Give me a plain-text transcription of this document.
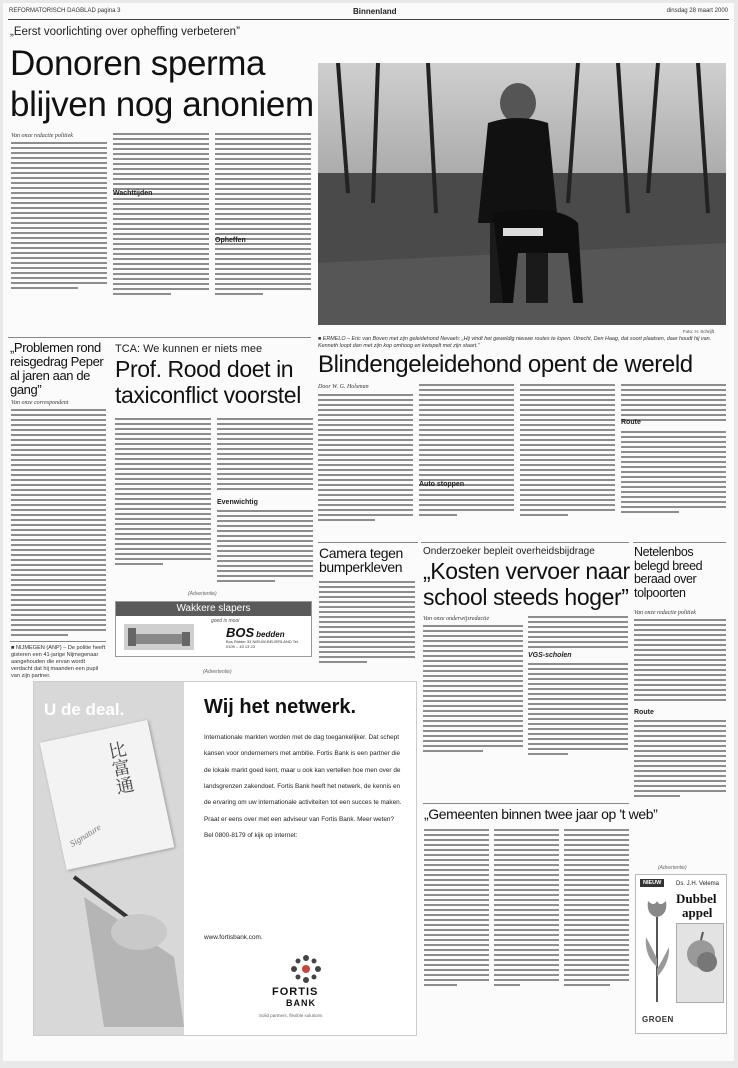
REFORMATORISCH DAGBLAD pagina 3	Binnenland	dinsdag 28 maart 2000
„Eerst voorlichting over opheffing verbeteren”
Donoren sperma
blijven nog anoniem
Van onze redactie politiek
Wachttijden
Opheffen
Foto: H. Schrijft
■ ERMELO – Eric van Boven met zijn geleidehond Nevaeh: „Hij vindt het geweldig nieuwe routes te lopen. Utrecht, Den Haag, dat soort plaatsen, daar houdt hij van. Kenneth loopt dan met zijn kop omhoog en kwispelt met zijn staart.”
Blindengeleidehond opent de wereld
Door W. G. Holsman
Auto stoppen
Route
„Problemen rond reisgedrag Peper al jaren aan de gang”
Van onze correspondent
■ NIJMEGEN (ANP) – De politie heeft gisteren een 41-jarige Nijmegenaar aangehouden die ervan wordt verdacht dat hij maanden een pupil van zijn partner.
TCA: We kunnen er niets mee
Prof. Rood doet in
taxiconflict voorstel
Evenwichtig
(Advertentie)
Wakkere slapers
goed is mooi
BOS bedden
Bos Ridder 33 NIEUW-BEIJERLAND Tel. 0109 – 40 13 23
Camera tegen bumperkleven
Onderzoeker bepleit overheidsbijdrage
„Kosten vervoer naar
school steeds hoger”
Van onze onderwijsredactie
VGS-scholen
Netelenbos belegd breed beraad over tolpoorten
Van onze redactie politiek
Route
„Gemeenten binnen twee jaar op 't web”
(Advertentie)
U de deal.
比富通
Signature
Wij het netwerk.
Internationale markten worden met de dag toegankelijker. Dat schept kansen voor ondernemers met ambitie. Fortis Bank is een partner die de lokale markt goed kent, maar u ook kan vertellen hoe men over de landsgrenzen zakendoet. Fortis Bank heeft het netwerk, de kennis en de ervaring om uw internationale activiteiten tot een succes te maken. Praat er eens over met een adviseur van Fortis Bank. Meer weten? Bel 0800-8179 of kijk op internet:
www.fortisbank.com.
FORTIS
BANK
Solid partners, flexible solutions
(Advertentie)
NIEUW	Ds. J.H. Velema
Dubbel
appel
GROEN
